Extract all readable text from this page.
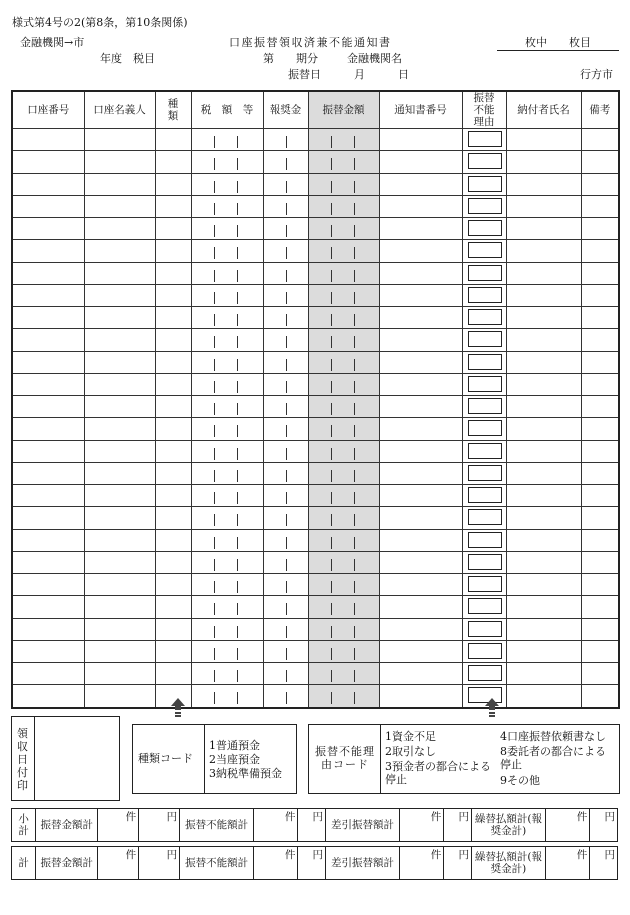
様式第4号の2(第8条，第10条関係)
金融機関→市	口座振替領収済兼不能通知書	枚中　　枚目
年度　税目	第　　期分	金融機関名
振替日　　　月　　　日	行方市
口座番号	口座名義人	種類	税　額　等	報奨金	振替金額	通知書番号	振替不能理由	納付者氏名	備考

領収日付印
種類コード
1普通預金
2当座預金
3納税準備預金
振替不能理由コード
1資金不足
2取引なし
3預金者の都合による停止
4口座振替依頼書なし
8委託者の都合による停止
9その他
小計	振替金額計	件	円	振替不能額計	件	円	差引振替額計	件	円	繰替払額計(報奨金計)	件	円
計	振替金額計	件	円	振替不能額計	件	円	差引振替額計	件	円	繰替払額計(報奨金計)	件	円
